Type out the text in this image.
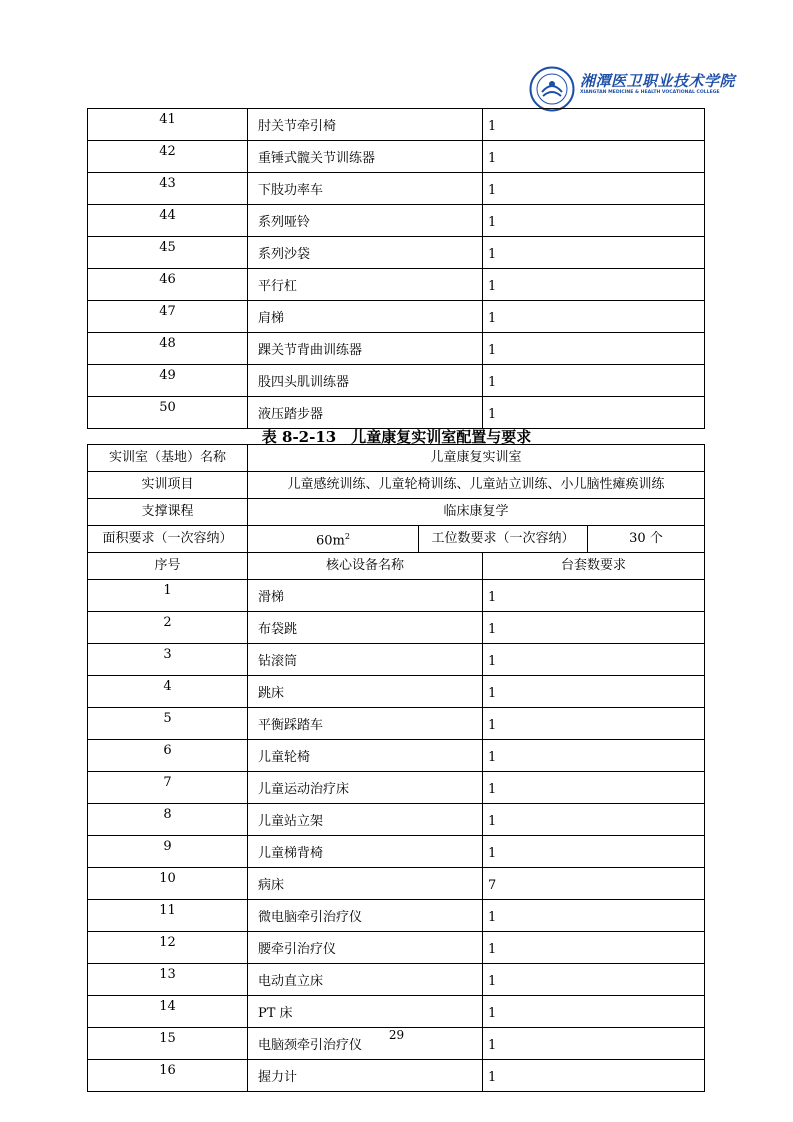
湘潭医卫职业技术学院
XIANGTAN MEDICINE & HEALTH VOCATIONAL COLLEGE
41	肘关节牵引椅	1
42	重锤式髋关节训练器	1
43	下肢功率车	1
44	系列哑铃	1
45	系列沙袋	1
46	平行杠	1
47	肩梯	1
48	踝关节背曲训练器	1
49	股四头肌训练器	1
50	液压踏步器	1
表 8-2-13　儿童康复实训室配置与要求
实训室（基地）名称	儿童康复实训室			
实训项目	儿童感统训练、儿童轮椅训练、儿童站立训练、小儿脑性瘫痪训练			
支撑课程	临床康复学			
面积要求（一次容纳）	$60m^2$	工位数要求（一次容纳）		30 个
序号	核心设备名称		台套数要求	
1	滑梯		1	
2	布袋跳		1	
3	钻滚筒		1	
4	跳床		1	
5	平衡踩踏车		1	
6	儿童轮椅		1	
7	儿童运动治疗床		1	
8	儿童站立架		1	
9	儿童梯背椅		1	
10	病床		7	
11	微电脑牵引治疗仪		1	
12	腰牵引治疗仪		1	
13	电动直立床		1	
14	PT 床		1	
15	电脑颈牵引治疗仪		1	
16	握力计		1	
29
